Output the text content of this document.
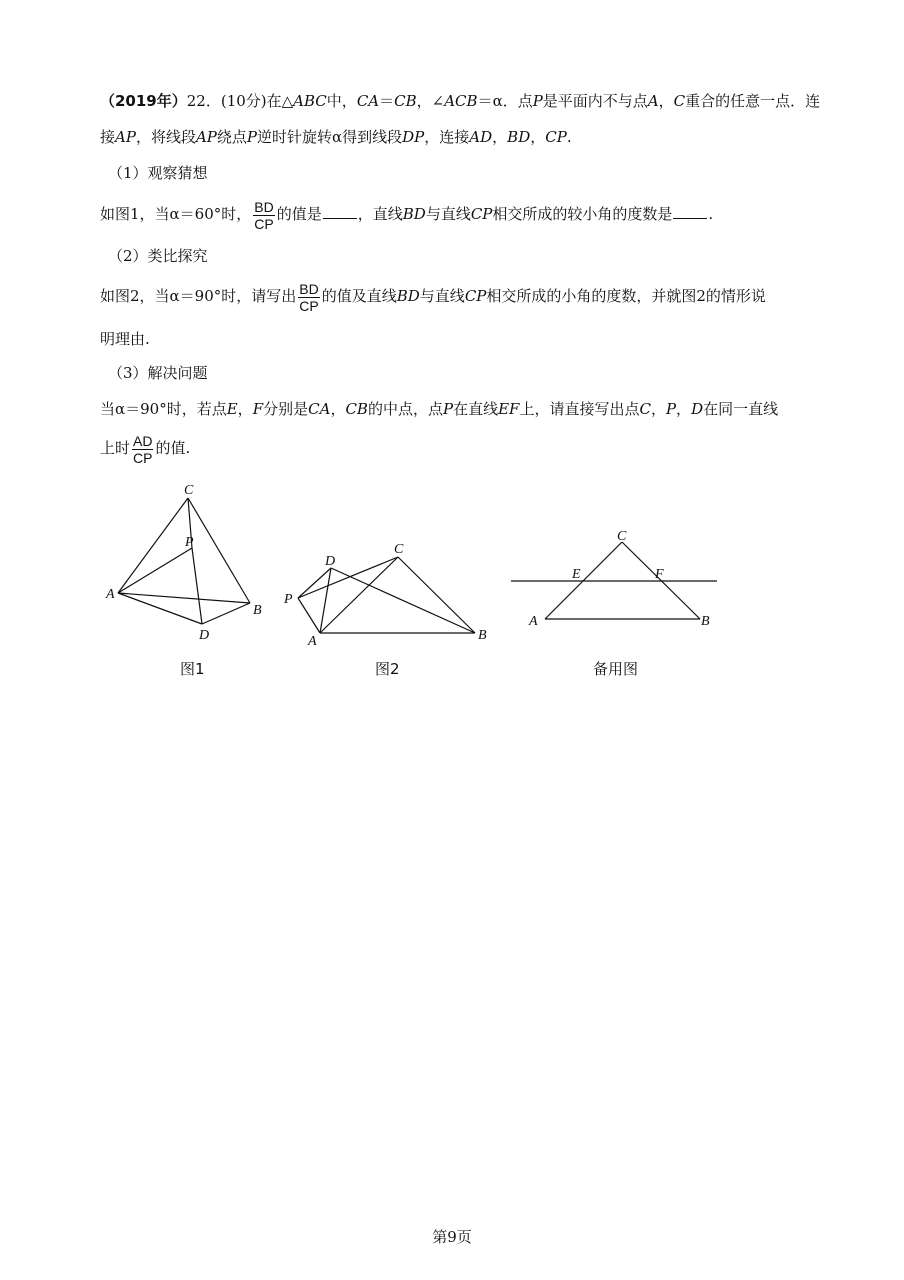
（2019年）22．(10分)在△ABC中，CA＝CB，∠ACB＝α．点P是平面内不与点A，C重合的任意一点．连
接AP，将线段AP绕点P逆时针旋转α得到线段DP，连接AD，BD，CP.
（1）观察猜想
如图1，当α＝60°时， $\frac{BD}{CP}$ 的值是 ，直线BD与直线CP相交所成的较小角的度数是 .
（2）类比探究
如图2，当α＝90°时，请写出 $\frac{BD}{CP}$ 的值及直线BD与直线CP相交所成的小角的度数，并就图2的情形说
明理由.
（3）解决问题
当α＝90°时，若点E，F分别是CA，CB的中点，点P在直线EF上，请直接写出点C，P，D在同一直线
上时 $\frac{AD}{CP}$ 的值.
C
P
A
B
D
图1
D
C
P
A	B
图2
C
E	F
A	B
备用图
第9页
